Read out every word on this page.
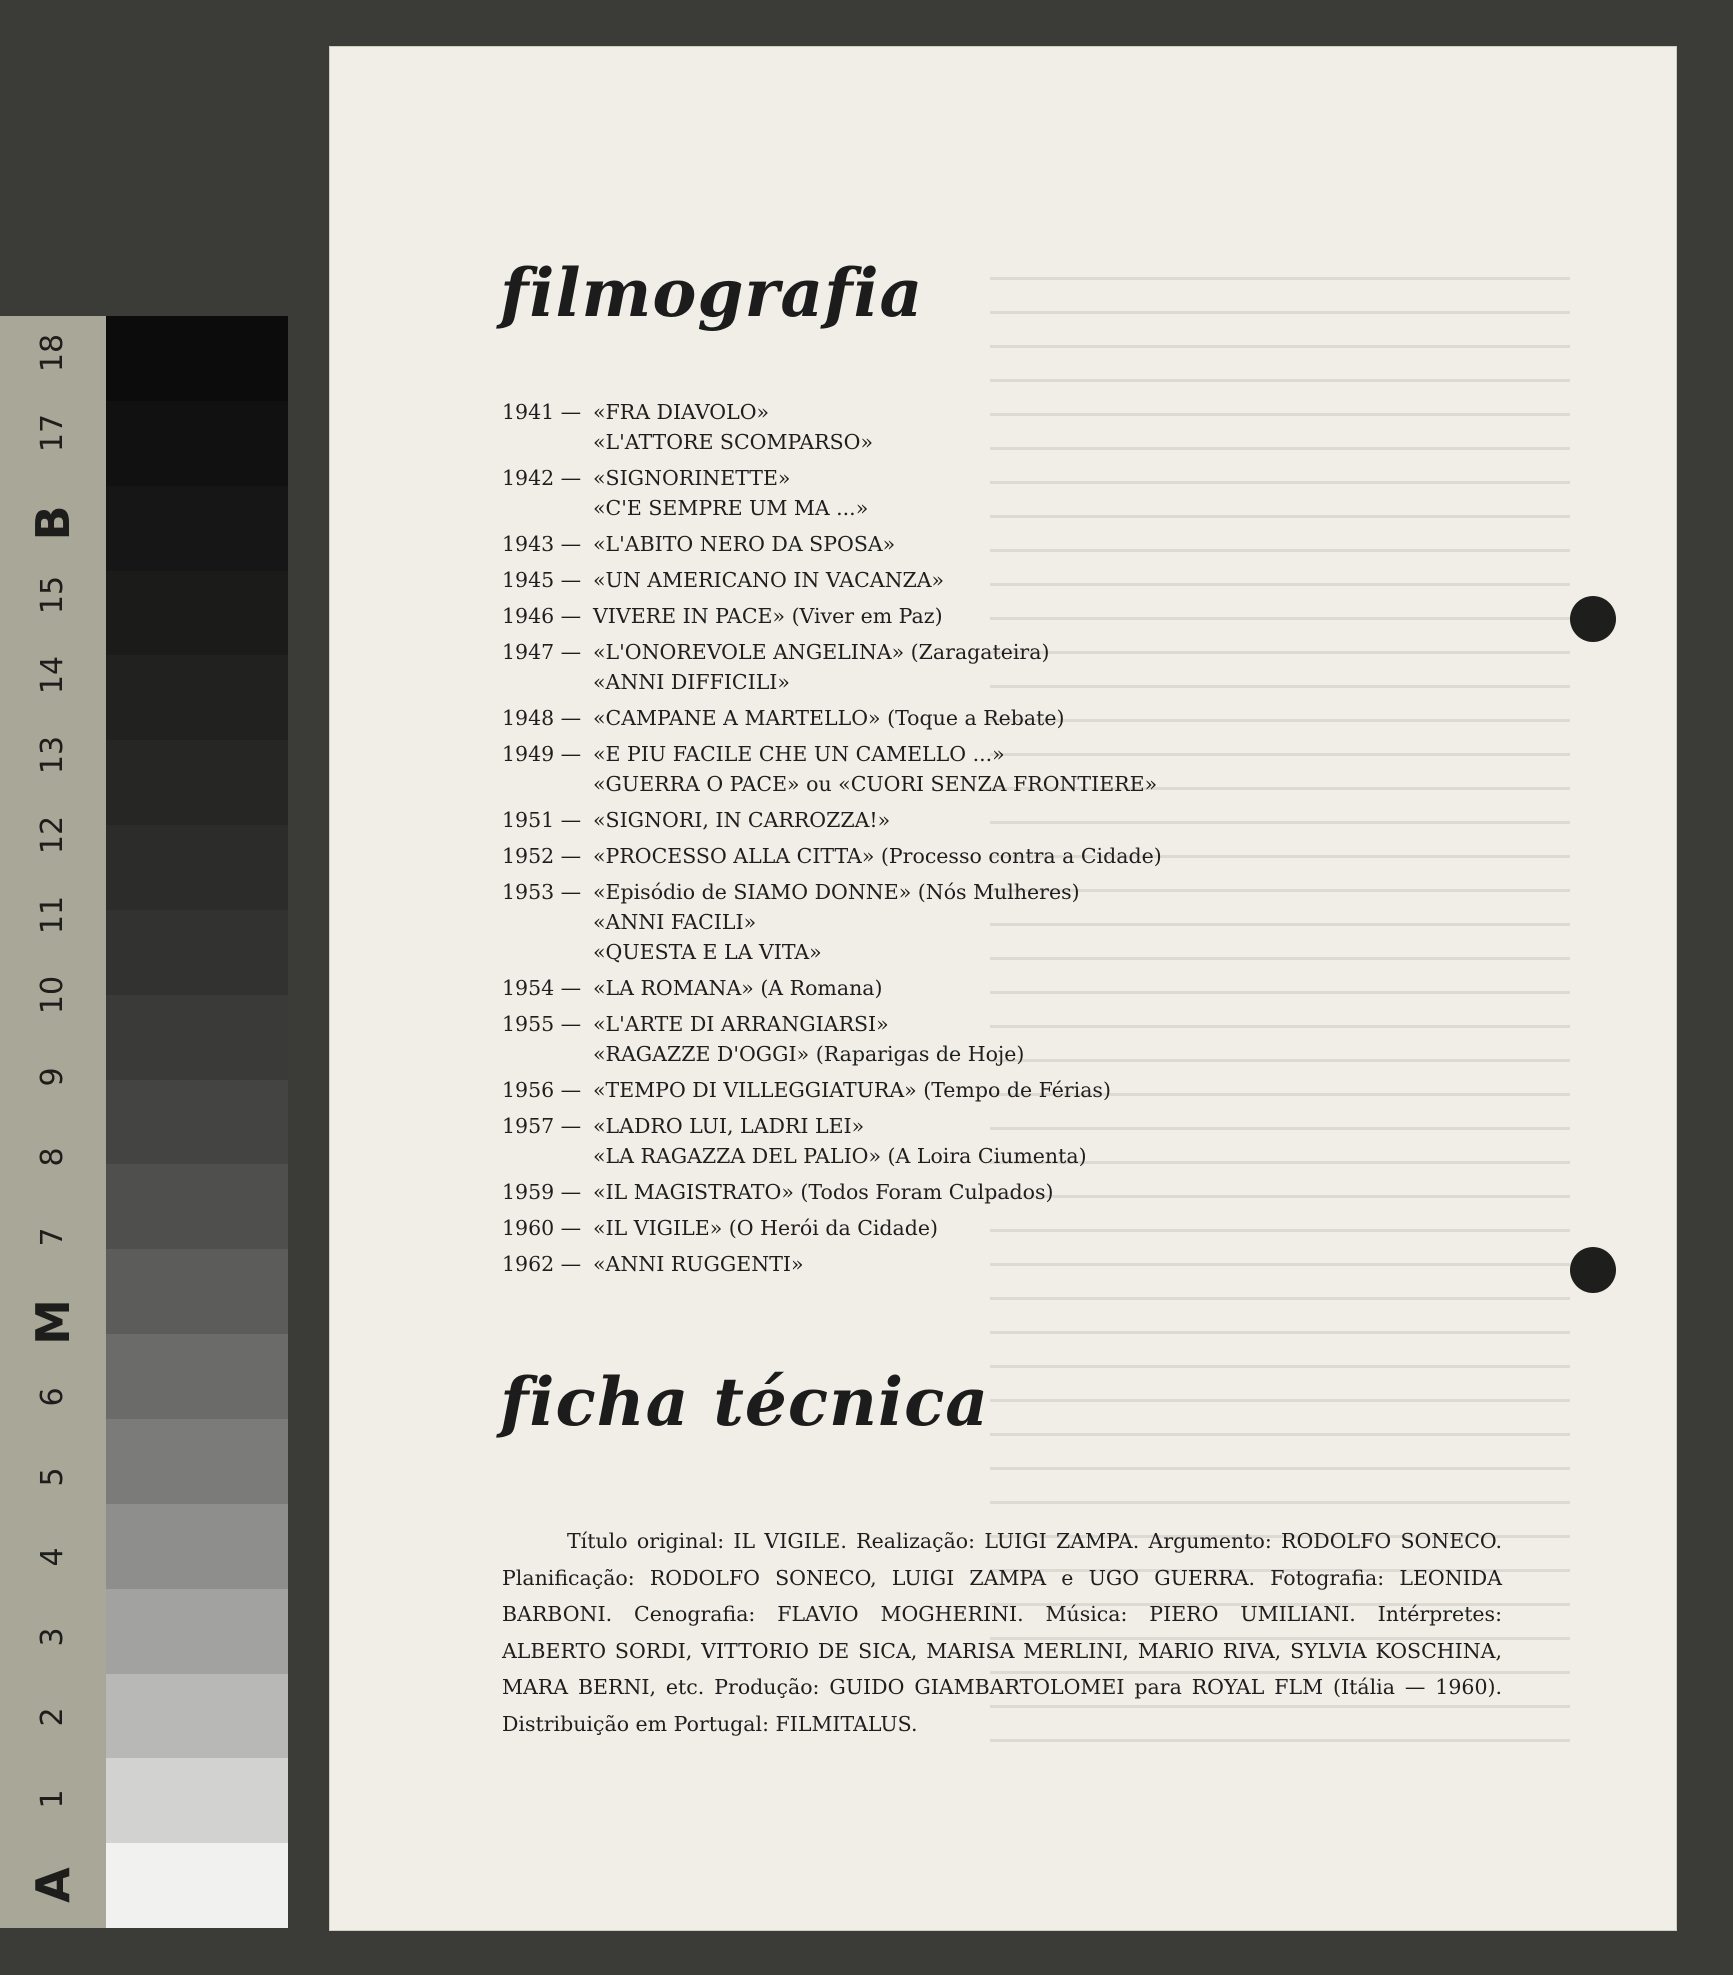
A
1
2
3
4
5
6
M
7
8
9
10
11
12
13
14
15
B
17
18
filmografia
1941 — «FRA DIAVOLO»
«L'ATTORE SCOMPARSO»
1942 — «SIGNORINETTE»
«C'E SEMPRE UM MA ...»
1943 — «L'ABITO NERO DA SPOSA»
1945 — «UN AMERICANO IN VACANZA»
1946 — VIVERE IN PACE» (Viver em Paz)
1947 — «L'ONOREVOLE ANGELINA» (Zaragateira)
«ANNI DIFFICILI»
1948 — «CAMPANE A MARTELLO» (Toque a Rebate)
1949 — «E PIU FACILE CHE UN CAMELLO ...»
«GUERRA O PACE» ou «CUORI SENZA FRONTIERE»
1951 — «SIGNORI, IN CARROZZA!»
1952 — «PROCESSO ALLA CITTA» (Processo contra a Cidade)
1953 — «Episódio de SIAMO DONNE» (Nós Mulheres)
«ANNI FACILI»
«QUESTA E LA VITA»
1954 — «LA ROMANA» (A Romana)
1955 — «L'ARTE DI ARRANGIARSI»
«RAGAZZE D'OGGI» (Raparigas de Hoje)
1956 — «TEMPO DI VILLEGGIATURA» (Tempo de Férias)
1957 — «LADRO LUI, LADRI LEI»
«LA RAGAZZA DEL PALIO» (A Loira Ciumenta)
1959 — «IL MAGISTRATO» (Todos Foram Culpados)
1960 — «IL VIGILE» (O Herói da Cidade)
1962 — «ANNI RUGGENTI»
ficha técnica

Título original: IL VIGILE. Realização: LUIGI ZAMPA. Argumento: RODOLFO SONECO. Planificação: RODOLFO SONECO, LUIGI ZAMPA e UGO GUERRA. Fotografia: LEONIDA BARBONI. Cenografia: FLAVIO MOGHERINI. Música: PIERO UMILIANI. Intérpretes: ALBERTO SORDI, VITTORIO DE SICA, MARISA MERLINI, MARIO RIVA, SYLVIA KOSCHINA, MARA BERNI, etc. Produção: GUIDO GIAMBARTOLOMEI para ROYAL FLM (Itália — 1960). Distribuição em Portugal: FILMITALUS.
